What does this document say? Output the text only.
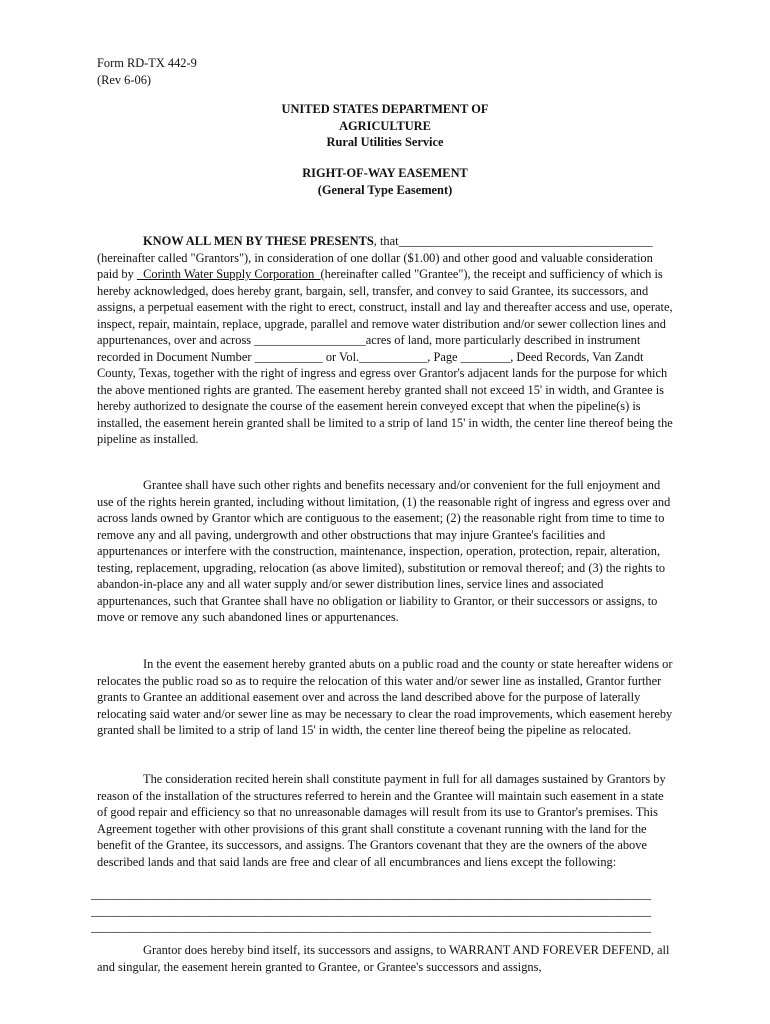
Form RD-TX 442-9
(Rev 6-06)
UNITED STATES DEPARTMENT OF
AGRICULTURE
Rural Utilities Service
RIGHT-OF-WAY EASEMENT
(General Type Easement)

KNOW ALL MEN BY THESE PRESENTS, that_________________________________________ (hereinafter called "Grantors"), in consideration of one dollar ($1.00) and other good and valuable consideration paid by   Corinth Water Supply Corporation  (hereinafter called "Grantee"), the receipt and sufficiency of which is hereby acknowledged, does hereby grant, bargain, sell, transfer, and convey to said Grantee, its successors, and assigns, a perpetual easement with the right to erect, construct, install and lay and thereafter access and use, operate, inspect, repair, maintain, replace, upgrade, parallel and remove water distribution and/or sewer collection lines and appurtenances, over and across __________________acres of land, more particularly described in instrument recorded in Document Number ___________ or Vol.___________, Page ________, Deed Records, Van Zandt County, Texas, together with the right of ingress and egress over Grantor's adjacent lands for the purpose for which the above mentioned rights are granted. The easement hereby granted shall not exceed 15' in width, and Grantee is hereby authorized to designate the course of the easement herein conveyed except that when the pipeline(s) is installed, the easement herein granted shall be limited to a strip of land 15' in width, the center line thereof being the pipeline as installed.

Grantee shall have such other rights and benefits necessary and/or convenient for the full enjoyment and use of the rights herein granted, including without limitation, (1) the reasonable right of ingress and egress over and across lands owned by Grantor which are contiguous to the easement; (2) the reasonable right from time to time to remove any and all paving, undergrowth and other obstructions that may injure Grantee's facilities and appurtenances or interfere with the construction, maintenance, inspection, operation, protection, repair, alteration, testing, replacement, upgrading, relocation (as above limited), substitution or removal thereof; and (3) the rights to abandon-in-place any and all water supply and/or sewer distribution lines, service lines and associated appurtenances, such that Grantee shall have no obligation or liability to Grantor, or their successors or assigns, to move or remove any such abandoned lines or appurtenances.

In the event the easement hereby granted abuts on a public road and the county or state hereafter widens or relocates the public road so as to require the relocation of this water and/or sewer line as installed, Grantor further grants to Grantee an additional easement over and across the land described above for the purpose of laterally relocating said water and/or sewer line as may be necessary to clear the road improvements, which easement hereby granted shall be limited to a strip of land 15' in width, the center line thereof being the pipeline as relocated.

The consideration recited herein shall constitute payment in full for all damages sustained by Grantors by reason of the installation of the structures referred to herein and the Grantee will maintain such easement in a state of good repair and efficiency so that no unreasonable damages will result from its use to Grantor's premises. This Agreement together with other provisions of this grant shall constitute a covenant running with the land for the benefit of the Grantee, its successors, and assigns. The Grantors covenant that they are the owners of the above described lands and that said lands are free and clear of all encumbrances and liens except the following:

____________________________________________________________________________________________________
____________________________________________________________________________________________________
____________________________________________________________________________________________________

Grantor does hereby bind itself, its successors and assigns, to WARRANT AND FOREVER DEFEND, all and singular, the easement herein granted to Grantee, or Grantee's successors and assigns,
